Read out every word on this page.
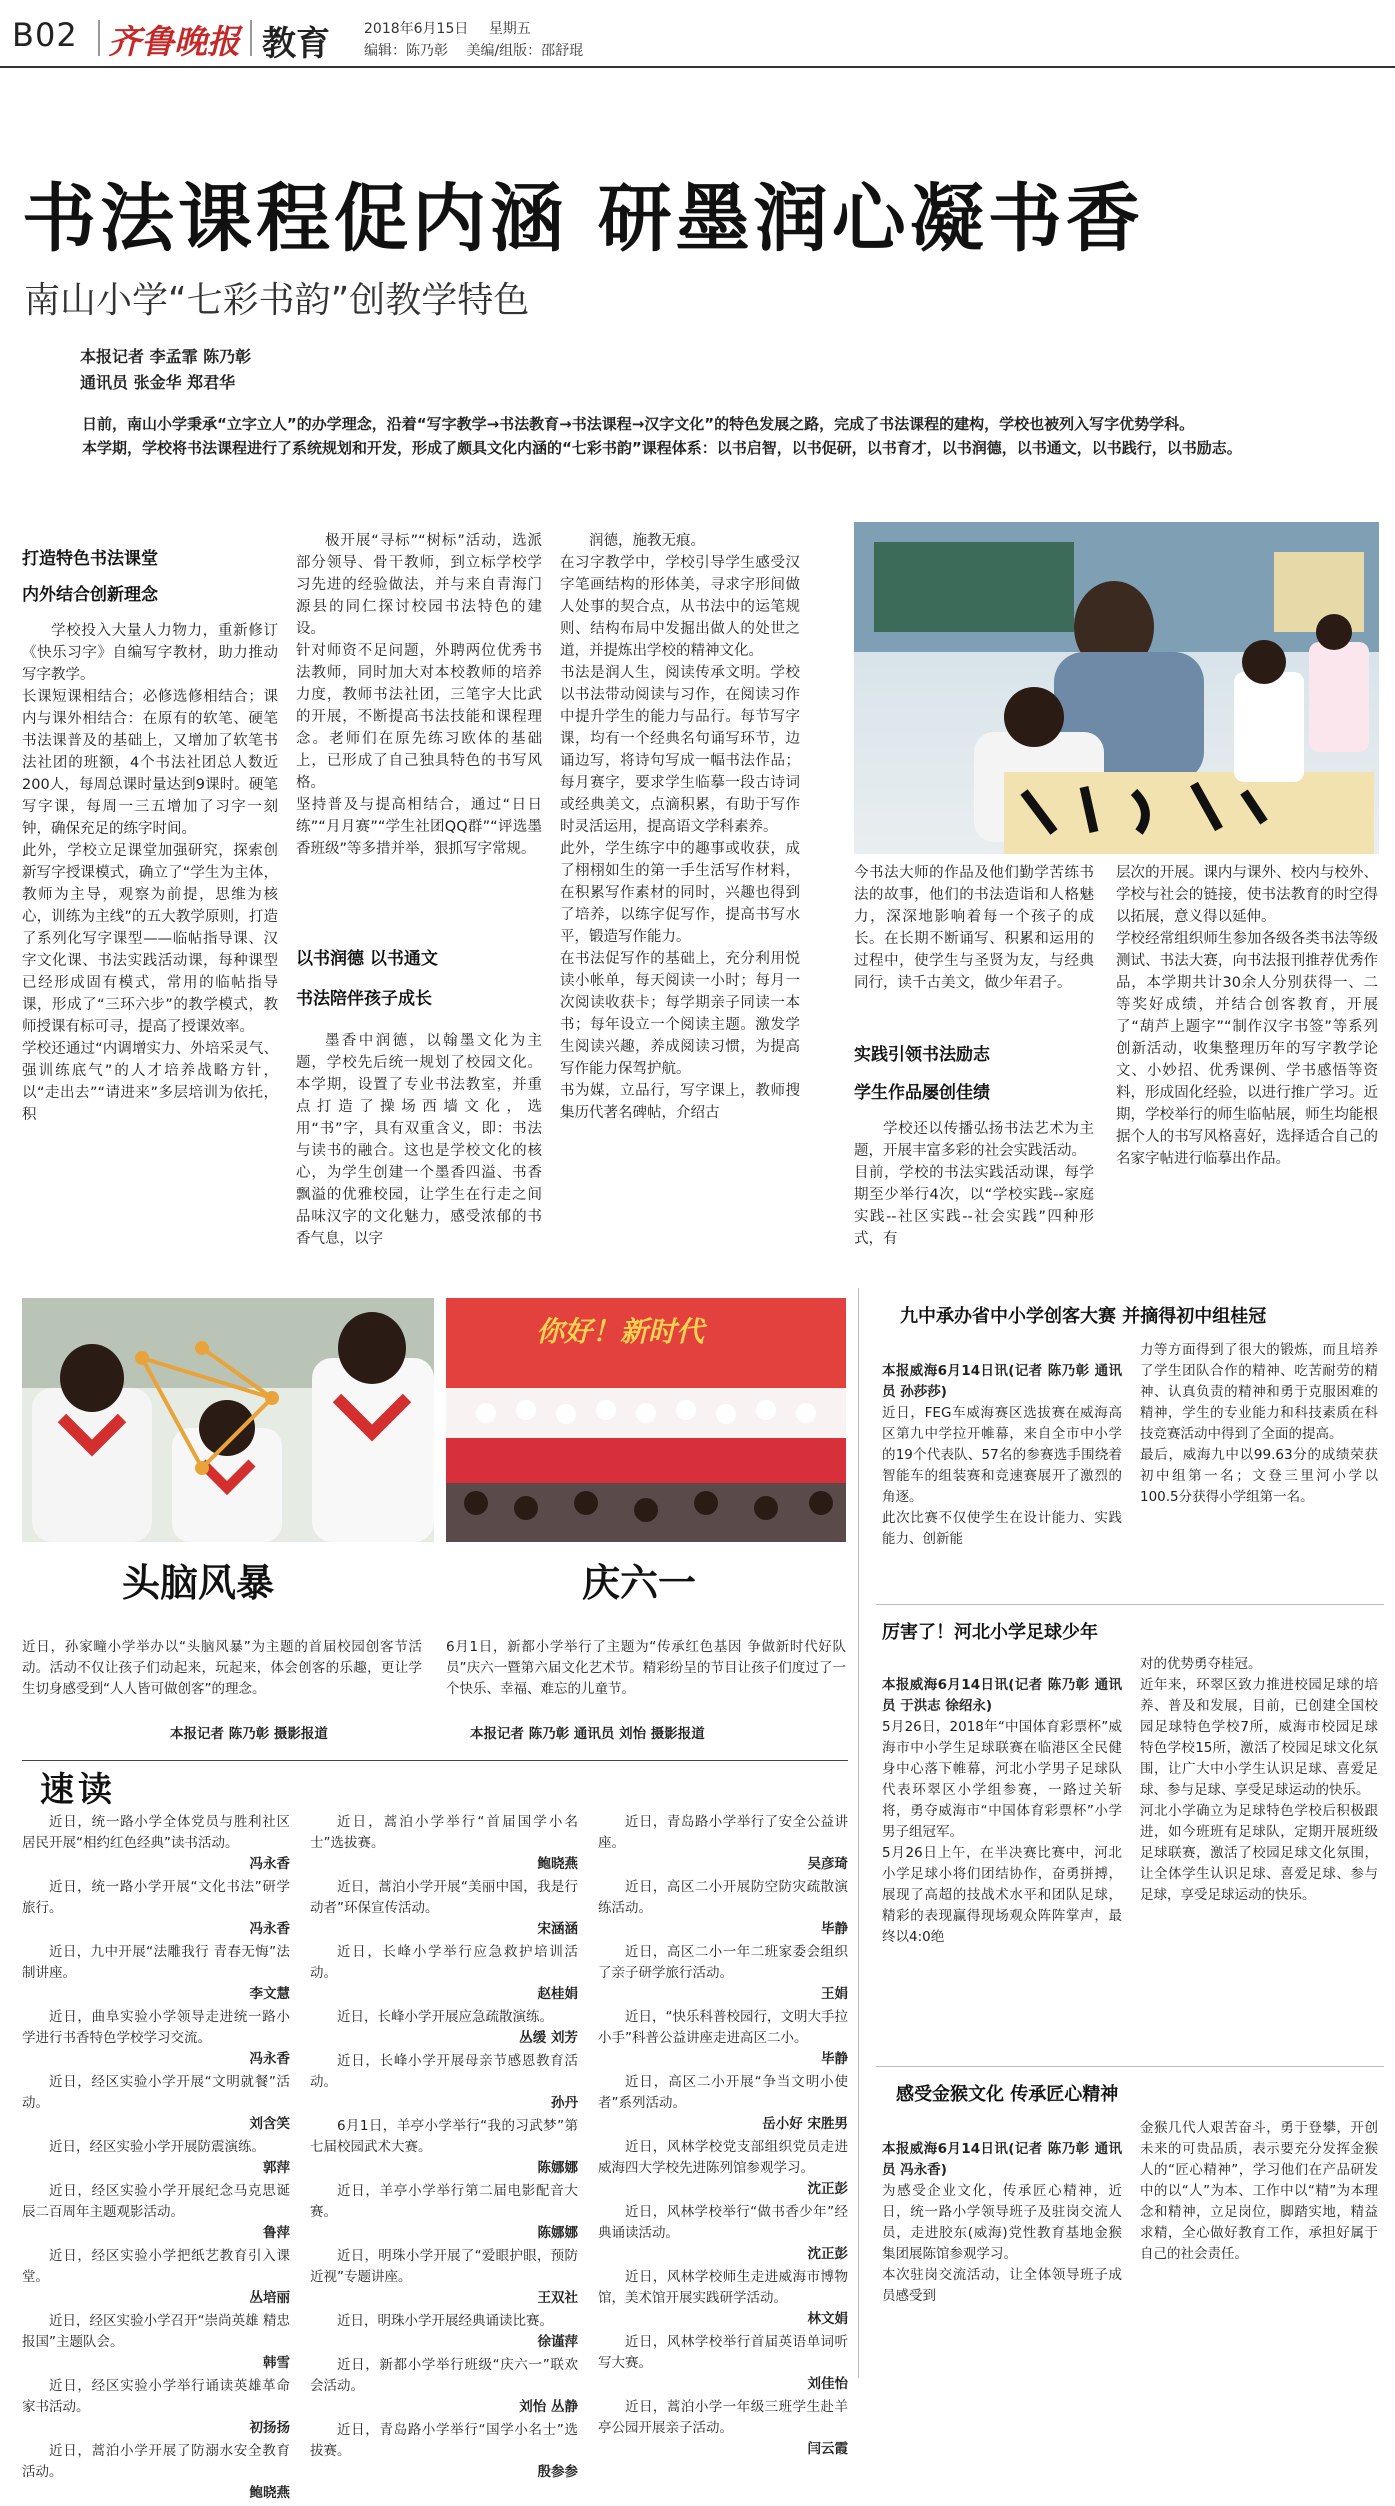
B02 齐鲁晚报 教育 2018年6月15日 星期五
编辑：陈乃彰 美编/组版：邵舒琨
书法课程促内涵 研墨润心凝书香
南山小学“七彩书韵”创教学特色
本报记者 李孟霏 陈乃彰
通讯员 张金华 郑君华
日前，南山小学秉承“立字立人”的办学理念，沿着“写字教学→书法教育→书法课程→汉字文化”的特色发展之路，完成了书法课程的建构，学校也被列入写字优势学科。
本学期，学校将书法课程进行了系统规划和开发，形成了颇具文化内涵的“七彩书韵”课程体系：以书启智，以书促研，以书育才，以书润德，以书通文，以书践行，以书励志。
打造特色书法课堂
内外结合创新理念
学校投入大量人力物力，重新修订《快乐习字》自编写字教材，助力推动写字教学。
长课短课相结合；必修选修相结合；课内与课外相结合：在原有的软笔、硬笔书法课普及的基础上，又增加了软笔书法社团的班额，4个书法社团总人数近200人，每周总课时量达到9课时。硬笔写字课，每周一三五增加了习字一刻钟，确保充足的练字时间。
此外，学校立足课堂加强研究，探索创新写字授课模式，确立了“学生为主体，教师为主导，观察为前提，思维为核心，训练为主线”的五大教学原则，打造了系列化写字课型——临帖指导课、汉字文化课、书法实践活动课，每种课型已经形成固有模式，常用的临帖指导课，形成了“三环六步”的教学模式，教师授课有标可寻，提高了授课效率。
学校还通过“内调增实力、外培采灵气、强训练底气”的人才培养战略方针，以“走出去”“请进来”多层培训为依托，积
极开展“寻标”“树标”活动，选派部分领导、骨干教师，到立标学校学习先进的经验做法，并与来自青海门源县的同仁探讨校园书法特色的建设。
针对师资不足问题，外聘两位优秀书法教师，同时加大对本校教师的培养力度，教师书法社团，三笔字大比武的开展，不断提高书法技能和课程理念。老师们在原先练习欧体的基础上，已形成了自己独具特色的书写风格。
坚持普及与提高相结合，通过“日日练”“月月赛”“学生社团QQ群”“评选墨香班级”等多措并举，狠抓写字常规。
以书润德 以书通文
书法陪伴孩子成长
墨香中润德，以翰墨文化为主题，学校先后统一规划了校园文化。本学期，设置了专业书法教室，并重点打造了操场西墙文化，选用“书”字，具有双重含义，即：书法与读书的融合。这也是学校文化的核心，为学生创建一个墨香四溢、书香飘溢的优雅校园，让学生在行走之间品味汉字的文化魅力，感受浓郁的书香气息，以字
润德，施教无痕。
在习字教学中，学校引导学生感受汉字笔画结构的形体美，寻求字形间做人处事的契合点，从书法中的运笔规则、结构布局中发掘出做人的处世之道，并提炼出学校的精神文化。
书法是润人生，阅读传承文明。学校以书法带动阅读与习作，在阅读习作中提升学生的能力与品行。每节写字课，均有一个经典名句诵写环节，边诵边写，将诗句写成一幅书法作品；每月赛字，要求学生临摹一段古诗词或经典美文，点滴积累，有助于写作时灵活运用，提高语文学科素养。
此外，学生练字中的趣事或收获，成了栩栩如生的第一手生活写作材料，在积累写作素材的同时，兴趣也得到了培养，以练字促写作，提高书写水平，锻造写作能力。
在书法促写作的基础上，充分利用悦读小帐单，每天阅读一小时；每月一次阅读收获卡；每学期亲子同读一本书；每年设立一个阅读主题。激发学生阅读兴趣，养成阅读习惯，为提高写作能力保驾护航。
书为媒，立品行，写字课上，教师搜集历代著名碑帖，介绍古
今书法大师的作品及他们勤学苦练书法的故事，他们的书法造诣和人格魅力，深深地影响着每一个孩子的成长。在长期不断诵写、积累和运用的过程中，使学生与圣贤为友，与经典同行，读千古美文，做少年君子。
实践引领书法励志
学生作品屡创佳绩
学校还以传播弘扬书法艺术为主题，开展丰富多彩的社会实践活动。
目前，学校的书法实践活动课，每学期至少举行4次，以“学校实践--家庭实践--社区实践--社会实践”四种形式，有
层次的开展。课内与课外、校内与校外、学校与社会的链接，使书法教育的时空得以拓展，意义得以延伸。
学校经常组织师生参加各级各类书法等级测试、书法大赛，向书法报刊推荐优秀作品，本学期共计30余人分别获得一、二等奖好成绩，并结合创客教育，开展了“葫芦上题字”“制作汉字书签”等系列创新活动，收集整理历年的写字教学论文、小妙招、优秀课例、学书感悟等资料，形成固化经验，以进行推广学习。近期，学校举行的师生临帖展，师生均能根据个人的书写风格喜好，选择适合自己的名家字帖进行临摹出作品。
头脑风暴
你好！新时代
庆六一

近日，孙家疃小学举办以“头脑风暴”为主题的首届校园创客节活动。活动不仅让孩子们动起来，玩起来，体会创客的乐趣，更让学生切身感受到“人人皆可做创客”的理念。

本报记者 陈乃彰 摄影报道

6月1日，新都小学举行了主题为“传承红色基因 争做新时代好队员”庆六一暨第六届文化艺术节。精彩纷呈的节目让孩子们度过了一个快乐、幸福、难忘的儿童节。

本报记者 陈乃彰 通讯员 刘怡 摄影报道
九中承办省中小学创客大赛 并摘得初中组桂冠

本报威海6月14日讯(记者 陈乃彰 通讯员 孙莎莎)
近日，FEG车威海赛区选拔赛在威海高区第九中学拉开帷幕，来自全市中小学的19个代表队、57名的参赛选手围绕着智能车的组装赛和竞速赛展开了激烈的角逐。
此次比赛不仅使学生在设计能力、实践能力、创新能

力等方面得到了很大的锻炼，而且培养了学生团队合作的精神、吃苦耐劳的精神、认真负责的精神和勇于克服困难的精神，学生的专业能力和科技素质在科技竞赛活动中得到了全面的提高。
最后，威海九中以99.63分的成绩荣获初中组第一名；文登三里河小学以100.5分获得小学组第一名。
厉害了！河北小学足球少年

本报威海6月14日讯(记者 陈乃彰 通讯员 于洪志 徐绍永)
5月26日，2018年“中国体育彩票杯”威海市中小学生足球联赛在临港区全民健身中心落下帷幕，河北小学男子足球队代表环翠区小学组参赛，一路过关斩将，勇夺威海市“中国体育彩票杯”小学男子组冠军。
5月26日上午，在半决赛比赛中，河北小学足球小将们团结协作，奋勇拼搏，展现了高超的技战术水平和团队足球，精彩的表现赢得现场观众阵阵掌声，最终以4:0绝

对的优势勇夺桂冠。
近年来，环翠区致力推进校园足球的培养、普及和发展，目前，已创建全国校园足球特色学校7所，威海市校园足球特色学校15所，激活了校园足球文化氛围，让广大中小学生认识足球、喜爱足球、参与足球、享受足球运动的快乐。
河北小学确立为足球特色学校后积极跟进，如今班班有足球队，定期开展班级足球联赛，激活了校园足球文化氛围，让全体学生认识足球、喜爱足球、参与足球，享受足球运动的快乐。
感受金猴文化 传承匠心精神

本报威海6月14日讯(记者 陈乃彰 通讯员 冯永香)
为感受企业文化，传承匠心精神，近日，统一路小学领导班子及驻岗交流人员，走进胶东(威海)党性教育基地金猴集团展陈馆参观学习。
本次驻岗交流活动，让全体领导班子成员感受到

金猴几代人艰苦奋斗，勇于登攀，开创未来的可贵品质，表示要充分发挥金猴人的“匠心精神”，学习他们在产品研发中的以“人”为本、工作中以“精”为本理念和精神，立足岗位，脚踏实地，精益求精，全心做好教育工作，承担好属于自己的社会责任。
速读
近日，统一路小学全体党员与胜利社区居民开展“相约红色经典”读书活动。
冯永香
近日，统一路小学开展“文化书法”研学旅行。
冯永香
近日，九中开展“法雕我行 青春无悔”法制讲座。
李文慧
近日，曲阜实验小学领导走进统一路小学进行书香特色学校学习交流。
冯永香
近日，经区实验小学开展“文明就餐”活动。
刘含笑
近日，经区实验小学开展防震演练。
郭萍
近日，经区实验小学开展纪念马克思诞辰二百周年主题观影活动。
鲁萍
近日，经区实验小学把纸艺教育引入课堂。
丛培丽
近日，经区实验小学召开“崇尚英雄 精忠报国”主题队会。
韩雪
近日，经区实验小学举行诵读英雄革命家书活动。
初扬扬
近日，蒿泊小学开展了防溺水安全教育活动。
鲍晓燕
近日，蒿泊小学举行“首届国学小名士”选拔赛。
鲍晓燕
近日，蒿泊小学开展“美丽中国，我是行动者”环保宣传活动。
宋涵涵
近日，长峰小学举行应急救护培训活动。
赵桂娟
近日，长峰小学开展应急疏散演练。
丛缓 刘芳
近日，长峰小学开展母亲节感恩教育活动。
孙丹
6月1日，羊亭小学举行“我的习武梦”第七届校园武术大赛。
陈娜娜
近日，羊亭小学举行第二届电影配音大赛。
陈娜娜
近日，明珠小学开展了“爱眼护眼，预防近视”专题讲座。
王双社
近日，明珠小学开展经典诵读比赛。
徐谨萍
近日，新都小学举行班级“庆六一”联欢会活动。
刘怡 丛静
近日，青岛路小学举行“国学小名士”选拔赛。
殷参参
近日，青岛路小学举行了安全公益讲座。
吴彦琦
近日，高区二小开展防空防灾疏散演练活动。
毕静
近日，高区二小一年二班家委会组织了亲子研学旅行活动。
王娟
近日，“快乐科普校园行，文明大手拉小手”科普公益讲座走进高区二小。
毕静
近日，高区二小开展“争当文明小使者”系列活动。
岳小好 宋胜男
近日，风林学校党支部组织党员走进威海四大学校先进陈列馆参观学习。
沈正彭
近日，风林学校举行“做书香少年”经典诵读活动。
沈正彭
近日，风林学校师生走进威海市博物馆，美术馆开展实践研学活动。
林文娟
近日，风林学校举行首届英语单词听写大赛。
刘佳怡
近日，蒿泊小学一年级三班学生赴羊亭公园开展亲子活动。
闫云霞
